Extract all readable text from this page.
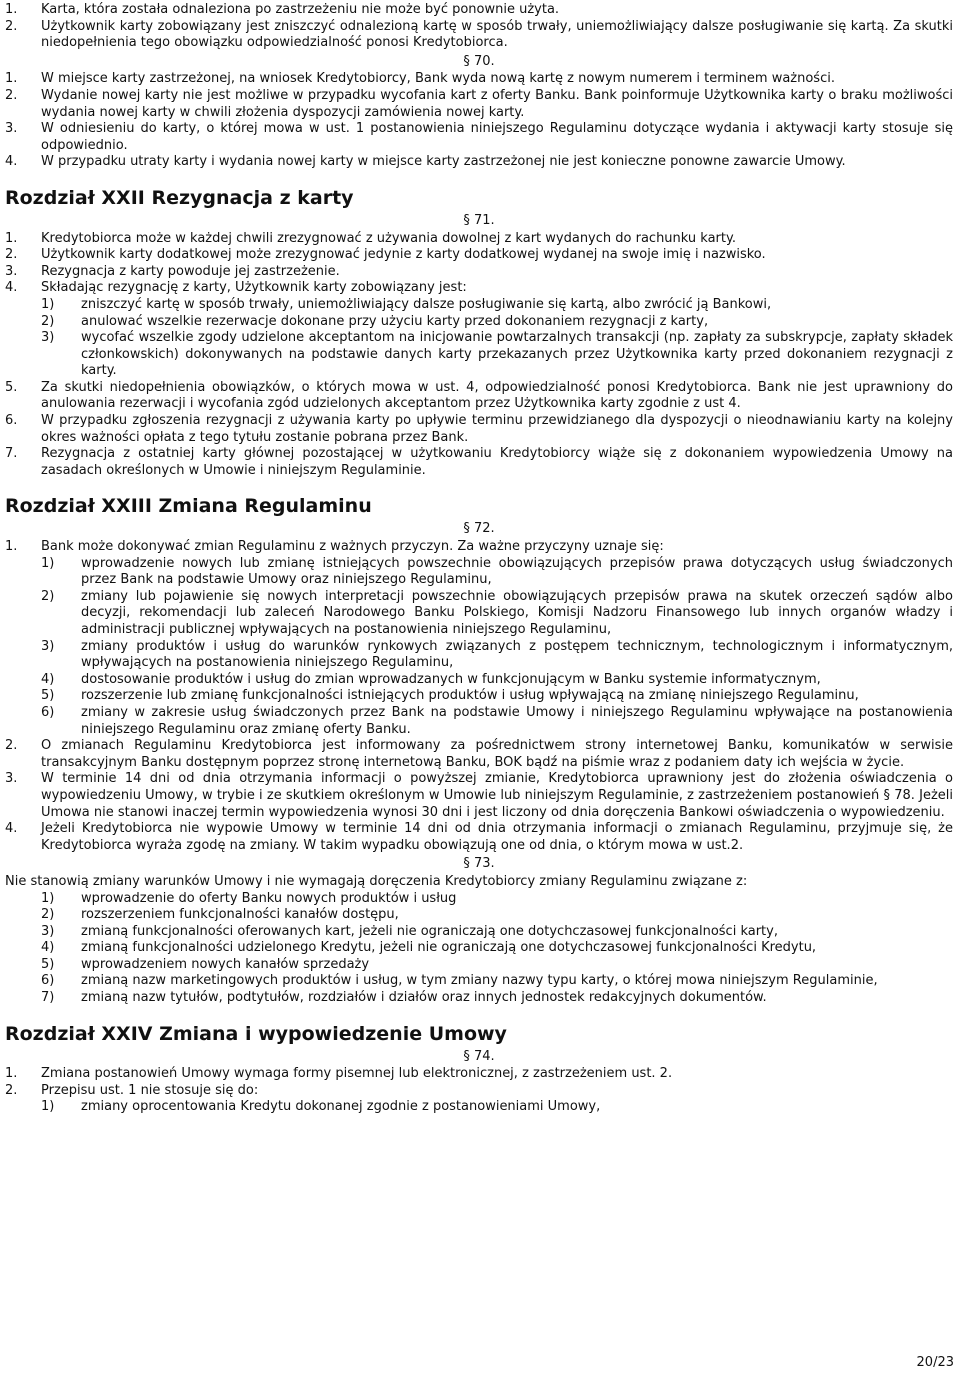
1.	Karta, która została odnaleziona po zastrzeżeniu nie może być ponownie użyta.
2.	Użytkownik karty zobowiązany jest zniszczyć odnalezioną kartę w sposób trwały, uniemożliwiający dalsze posługiwanie się kartą. Za skutki niedopełnienia tego obowiązku odpowiedzialność ponosi Kredytobiorca.
§ 70.
1.	W miejsce karty zastrzeżonej, na wniosek Kredytobiorcy, Bank wyda nową kartę z nowym numerem i terminem ważności.
2.	Wydanie nowej karty nie jest możliwe w przypadku wycofania kart z oferty Banku. Bank poinformuje Użytkownika karty o braku możliwości wydania nowej karty w chwili złożenia dyspozycji zamówienia nowej karty.
3.	W odniesieniu do karty, o której mowa w ust. 1 postanowienia niniejszego Regulaminu dotyczące wydania i aktywacji karty stosuje się odpowiednio.
4.	W przypadku utraty karty i wydania nowej karty w miejsce karty zastrzeżonej nie jest konieczne ponowne zawarcie Umowy.
Rozdział XXII Rezygnacja z karty
§ 71.
1.	Kredytobiorca może w każdej chwili zrezygnować z używania dowolnej z kart wydanych do rachunku karty.
2.	Użytkownik karty dodatkowej może zrezygnować jedynie z karty dodatkowej wydanej na swoje imię i nazwisko.
3.	Rezygnacja z karty powoduje jej zastrzeżenie.
4.	Składając rezygnację z karty, Użytkownik karty zobowiązany jest:
1)	zniszczyć kartę w sposób trwały, uniemożliwiający dalsze posługiwanie się kartą, albo zwrócić ją Bankowi,
2)	anulować wszelkie rezerwacje dokonane przy użyciu karty przed dokonaniem rezygnacji z karty,
3)	wycofać wszelkie zgody udzielone akceptantom na inicjowanie powtarzalnych transakcji (np. zapłaty za subskrypcje, zapłaty składek członkowskich) dokonywanych na podstawie danych karty przekazanych przez Użytkownika karty przed dokonaniem rezygnacji z karty.
5.	Za skutki niedopełnienia obowiązków, o których mowa w ust. 4, odpowiedzialność ponosi Kredytobiorca. Bank nie jest uprawniony do anulowania rezerwacji i wycofania zgód udzielonych akceptantom przez Użytkownika karty zgodnie z ust 4.
6.	W przypadku zgłoszenia rezygnacji z używania karty po upływie terminu przewidzianego dla dyspozycji o nieodnawianiu karty na kolejny okres ważności opłata z tego tytułu zostanie pobrana przez Bank.
7.	Rezygnacja z ostatniej karty głównej pozostającej w użytkowaniu Kredytobiorcy wiąże się z dokonaniem wypowiedzenia Umowy na zasadach określonych w Umowie i niniejszym Regulaminie.
Rozdział XXIII Zmiana Regulaminu
§ 72.
1.	Bank może dokonywać zmian Regulaminu z ważnych przyczyn. Za ważne przyczyny uznaje się:
1)	wprowadzenie nowych lub zmianę istniejących powszechnie obowiązujących przepisów prawa dotyczących usług świadczonych przez Bank na podstawie Umowy oraz niniejszego Regulaminu,
2)	zmiany lub pojawienie się nowych interpretacji powszechnie obowiązujących przepisów prawa na skutek orzeczeń sądów albo decyzji, rekomendacji lub zaleceń Narodowego Banku Polskiego, Komisji Nadzoru Finansowego lub innych organów władzy i administracji publicznej wpływających na postanowienia niniejszego Regulaminu,
3)	zmiany produktów i usług do warunków rynkowych związanych z postępem technicznym, technologicznym i informatycznym, wpływających na postanowienia niniejszego Regulaminu,
4)	dostosowanie produktów i usług do zmian wprowadzanych w funkcjonującym w Banku systemie informatycznym,
5)	rozszerzenie lub zmianę funkcjonalności istniejących produktów i usług wpływającą na zmianę niniejszego Regulaminu,
6)	zmiany w zakresie usług świadczonych przez Bank na podstawie Umowy i niniejszego Regulaminu wpływające na postanowienia niniejszego Regulaminu oraz zmianę oferty Banku.
2.	O zmianach Regulaminu Kredytobiorca jest informowany za pośrednictwem strony internetowej Banku, komunikatów w serwisie transakcyjnym Banku dostępnym poprzez stronę internetową Banku, BOK bądź na piśmie wraz z podaniem daty ich wejścia w życie.
3.	W terminie 14 dni od dnia otrzymania informacji o powyższej zmianie, Kredytobiorca uprawniony jest do złożenia oświadczenia o wypowiedzeniu Umowy, w trybie i ze skutkiem określonym w Umowie lub niniejszym Regulaminie, z zastrzeżeniem postanowień § 78. Jeżeli Umowa nie stanowi inaczej termin wypowiedzenia wynosi 30 dni i jest liczony od dnia doręczenia Bankowi oświadczenia o wypowiedzeniu.
4.	Jeżeli Kredytobiorca nie wypowie Umowy w terminie 14 dni od dnia otrzymania informacji o zmianach Regulaminu, przyjmuje się, że Kredytobiorca wyraża zgodę na zmiany. W takim wypadku obowiązują one od dnia, o którym mowa w ust.2.
§ 73.
Nie stanowią zmiany warunków Umowy i nie wymagają doręczenia Kredytobiorcy zmiany Regulaminu związane z:
1)	wprowadzenie do oferty Banku nowych produktów i usług
2)	rozszerzeniem funkcjonalności kanałów dostępu,
3)	zmianą funkcjonalności oferowanych kart, jeżeli nie ograniczają one dotychczasowej funkcjonalności karty,
4)	zmianą funkcjonalności udzielonego Kredytu, jeżeli nie ograniczają one dotychczasowej funkcjonalności Kredytu,
5)	wprowadzeniem nowych kanałów sprzedaży
6)	zmianą nazw marketingowych produktów i usług, w tym zmiany nazwy typu karty, o której mowa niniejszym Regulaminie,
7)	zmianą nazw tytułów, podtytułów, rozdziałów i działów oraz innych jednostek redakcyjnych dokumentów.
Rozdział XXIV Zmiana i wypowiedzenie Umowy
§ 74.
1.	Zmiana postanowień Umowy wymaga formy pisemnej lub elektronicznej, z zastrzeżeniem ust. 2.
2.	Przepisu ust. 1 nie stosuje się do:
1)	zmiany oprocentowania Kredytu dokonanej zgodnie z postanowieniami Umowy,
20/23
